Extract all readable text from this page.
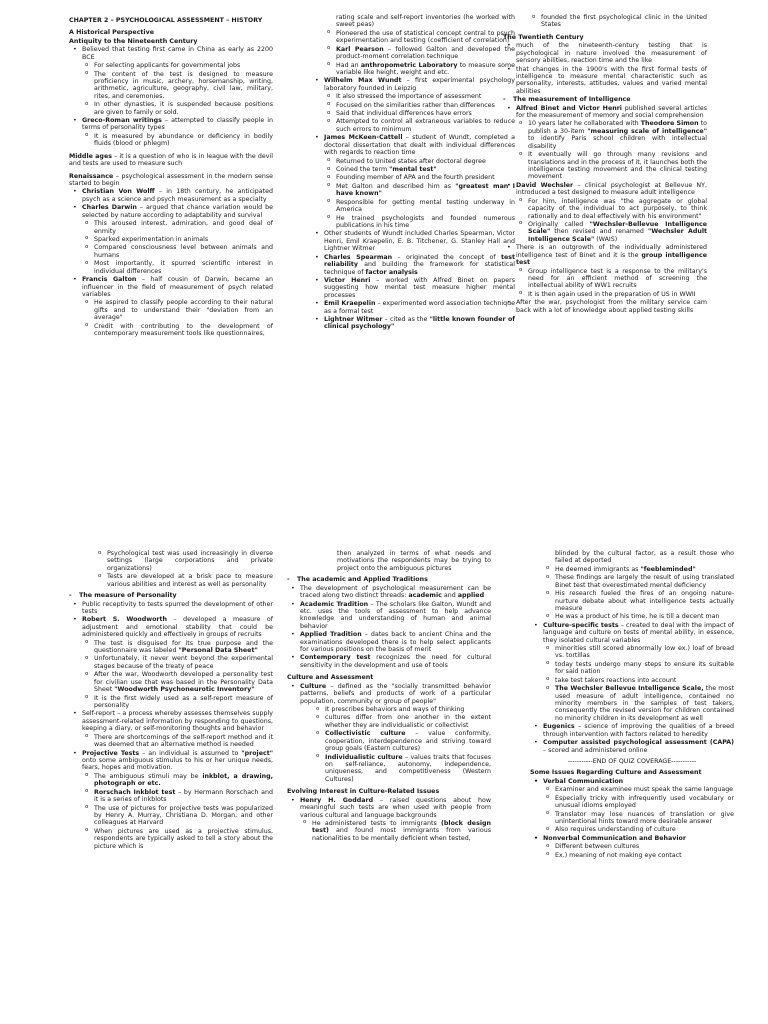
CHAPTER 2 – PSYCHOLOGICAL ASSESSMENT – HISTORY

A Historical Perspective

Antiquity to the Nineteenth Century

• Believed that testing first came in China as early as 2200 BCE
o For selecting applicants for governmental jobs
o The content of the test is designed to measure proficiency in music, archery, horsemanship, writing, arithmetic, agriculture, geography, civil law, military, rites, and ceremonies.
o In other dynasties, it is suspended because positions are given to family or sold.
• Greco-Roman writings – attempted to classify people in terms of personality types
o It is measured by abundance or deficiency in bodily fluids (blood or phlegm)

Middle ages – it is a question of who is in league with the devil and tests are used to measure such

Renaissance – psychological assessment in the modern sense started to begin

• Christian Von Wolff – in 18th century, he anticipated psych as a science and psych measurement as a specialty
• Charles Darwin – argued that chance variation would be selected by nature according to adaptability and survival
o This aroused interest, admiration, and good deal of enmity
o Sparked experimentation in animals
o Compared consciousness level between animals and humans
o Most importantly, it spurred scientific interest in individual differences
• Francis Galton – half cousin of Darwin, became an influencer in the field of measurement of psych related variables
o He aspired to classify people according to their natural gifts and to understand their "deviation from an average"
o Credit with contributing to the development of contemporary measurement tools like questionnaires,

rating scale and self-report inventories (he worked with sweet peas)

o Pioneered the use of statistical concept central to psych experimentation and testing (coefficient of correlation)
o Karl Pearson – followed Galton and developed the product-moment correlation technique
o Had an anthropometric Laboratory to measure some variable like height, weight and etc.
• Wilhelm Max Wundt – first experimental psychology laboratory founded in Leipzig
o It also stressed the importance of assessment
o Focused on the similarities rather than differences
o Said that individual differences have errors
o Attempted to control all extraneous variables to reduce such errors to minimum
• James McKeen-Cattell – student of Wundt, completed a doctoral dissertation that dealt with individual differences with regards to reaction time
o Returned to United states after doctoral degree
o Coined the term "mental test"
o Founding member of APA and the fourth president
o Met Galton and described him as "greatest man I have known"
o Responsible for getting mental testing underway in America
o He trained psychologists and founded numerous publications in his time
• Other students of Wundt included Charles Spearman, Victor Henri, Emil Kraepelin, E. B. Titchener, G. Stanley Hall and Lightner Witmer
• Charles Spearman – originated the concept of test reliability and building the framework for statistical technique of factor analysis
• Victor Henri – worked with Alfred Binet on papers suggesting how mental test measure higher mental processes
• Emil Kraepelin – experimented word association technique as a formal test
• Lightner Witmer – cited as the "little known founder of clinical psychology"
o founded the first psychological clinic in the United States

The Twentieth Century

• much of the nineteenth-century testing that is psychological in nature involved the measurement of sensory abilities, reaction time and the like
• that changes in the 1900's with the first formal tests of intelligence to measure mental characteristic such as personality, interests, attitudes, values and varied mental abilities
- The measurement of Intelligence
• Alfred Binet and Victor Henri published several articles for the measurement of memory and social comprehension
o 10 years later he collaborated with Theodore Simon to publish a 30-item "measuring scale of intelligence" to identify Paris school children with intellectual disability
o It eventually will go through many revisions and translations and in the process of it, it launches both the intelligence testing movement and the clinical testing movement
• David Wechsler – clinical psychologist at Bellevue NY, introduced a test designed to measure adult intelligence
o For him, intelligence was "the aggregate or global capacity of the individual to act purposely, to think rationally and to deal effectively with his environment"
o Originally called "Wechsler-Bellevue Intelligence Scale" then revised and renamed "Wechsler Adult Intelligence Scale" (WAIS)
• There is an outgrowth of the individually administered intelligence test of Binet and it is the group intelligence test
o Group intelligence test is a response to the military's need for an efficient method of screening the intellectual ability of WW1 recruits
o It is then again used in the preparation of US in WWII
• After the war, psychologist from the military service cam back with a lot of knowledge about applied testing skills
o Psychological test was used increasingly in diverse settings (large corporations and private organizations)
o Tests are developed at a brisk pace to measure various abilities and interest as well as personality
- The measure of Personality
• Public receptivity to tests spurred the development of other tests
• Robert S. Woodworth – developed a measure of adjustment and emotional stability that could be administered quickly and effectively in groups of recruits
o The test is disguised for its true purpose and the questionnaire was labeled "Personal Data Sheet"
o Unfortunately, it never went beyond the experimental stages because of the treaty of peace
o After the war, Woodworth developed a personality test for civilian use that was based in the Personality Data Sheet "Woodworth Psychoneurotic Inventory"
o It is the first widely used as a self-report measure of personality
• Self-report – a process whereby assesses themselves supply assessment-related information by responding to questions, keeping a diary, or self-monitoring thoughts and behavior
o There are shortcomings of the self-report method and it was deemed that an alternative method is needed
• Projective Tests – an individual is assumed to "project" onto some ambiguous stimulus to his or her unique needs, fears, hopes and motivation.
o The ambiguous stimuli may be inkblot, a drawing, photograph or etc.
o Rorschach Inkblot test – by Hermann Rorschach and it is a series of inkblots
o The use of pictures for projective tests was popularized by Henry A. Murray, Christiana D. Morgan, and other colleagues at Harvard
o When pictures are used as a projective stimulus, respondents are typically asked to tell a story about the picture which is

then analyzed in terms of what needs and motivations the respondents may be trying to project onto the ambiguous pictures

- The academic and Applied Traditions
• The development of psychological measurement can be traced along two distinct threads: academic and applied
• Academic Tradition – The scholars like Galton, Wundt and etc. uses the tools of assessment to help advance knowledge and understanding of human and animal behavior
• Applied Tradition – dates back to ancient China and the examinations developed there is to help select applicants for various positions on the basis of merit
• Contemporary test recognizes the need for cultural sensitivity in the development and use of tools

Culture and Assessment

• Culture – defined as the "socially transmitted behavior patterns, beliefs and products of work of a particular population, community or group of people"
o It prescribes behaviors and ways of thinking
o cultures differ from one another in the extent whether they are individualistic or collectivist
o Collectivistic culture – value conformity, cooperation, interdependence and striving toward group goals (Eastern cultures)
o Individualistic culture – values traits that focuses on self-reliance, autonomy, independence, uniqueness, and competitiveness (Western Cultures)

Evolving Interest in Culture-Related Issues

• Henry H. Goddard – raised questions about how meaningful such tests are when used with people from various cultural and language backgrounds
o He administered tests to immigrants (block design test) and found most immigrants from various nationalities to be mentally deficient when tested,

blinded by the cultural factor, as a result those who failed at deported

o He deemed immigrants as "feebleminded"
o These findings are largely the result of using translated Binet test that overestimated mental deficiency
o His research fueled the fires of an ongoing nature-nurture debate about what intelligence tests actually measure
o He was a product of his time, he is till a decent man
• Culture-specific tests – created to deal with the impact of language and culture on tests of mental ability, in essence, they isolated cultural variables
o minorities still scored abnormally low ex.) loaf of bread vs. tortillas
o today tests undergo many steps to ensure its suitable for said nation
o take test takers reactions into account
o The Wechsler Bellevue Intelligence Scale, the most used measure of adult intelligence, contained no minority members in the samples of test takers, consequently the revised version for children contained no minority children in its development as well
• Eugenics – science of improving the qualities of a breed through intervention with factors related to heredity
• Computer assisted psychological assessment (CAPA) – scored and administered online

-----------END OF QUIZ COVERAGE-----------

Some Issues Regarding Culture and Assessment

• Verbal Communication
o Examiner and examinee must speak the same language
o Especially tricky with infrequently used vocabulary or unusual idioms employed
o Translator may lose nuances of translation or give unintentional hints toward more desirable answer
o Also requires understanding of culture
• Nonverbal Communication and Behavior
o Different between cultures
o Ex.) meaning of not making eye contact
